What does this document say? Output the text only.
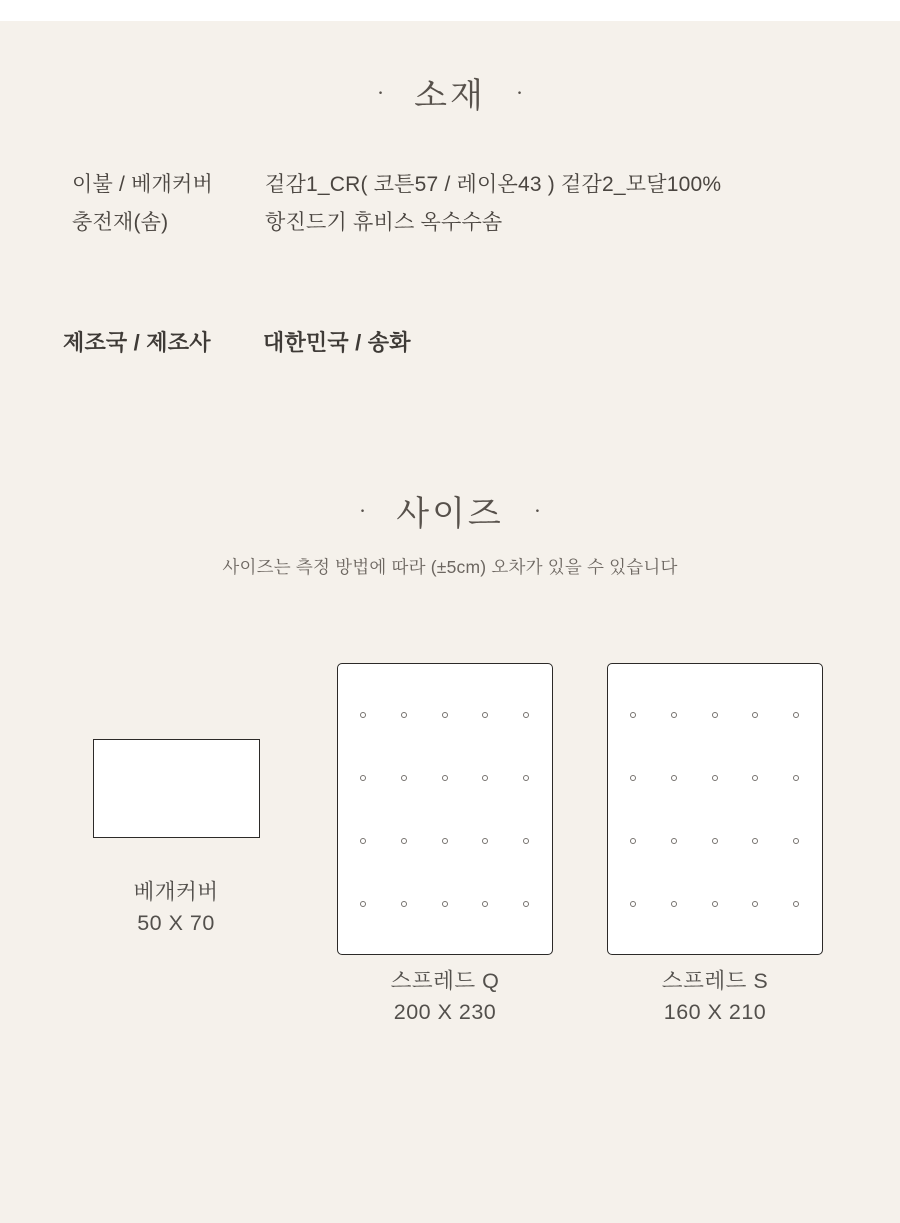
· 소재 ·
이불 / 베개커버	겉감1_CR( 코튼57 / 레이온43 ) 겉감2_모달100%
충전재(솜)	항진드기 휴비스 옥수수솜
제조국 / 제조사	대한민국 / 송화
· 사이즈 ·
사이즈는 측정 방법에 따라 (±5cm) 오차가 있을 수 있습니다
베개커버
50 X 70
스프레드 Q
200 X 230
스프레드 S
160 X 210
